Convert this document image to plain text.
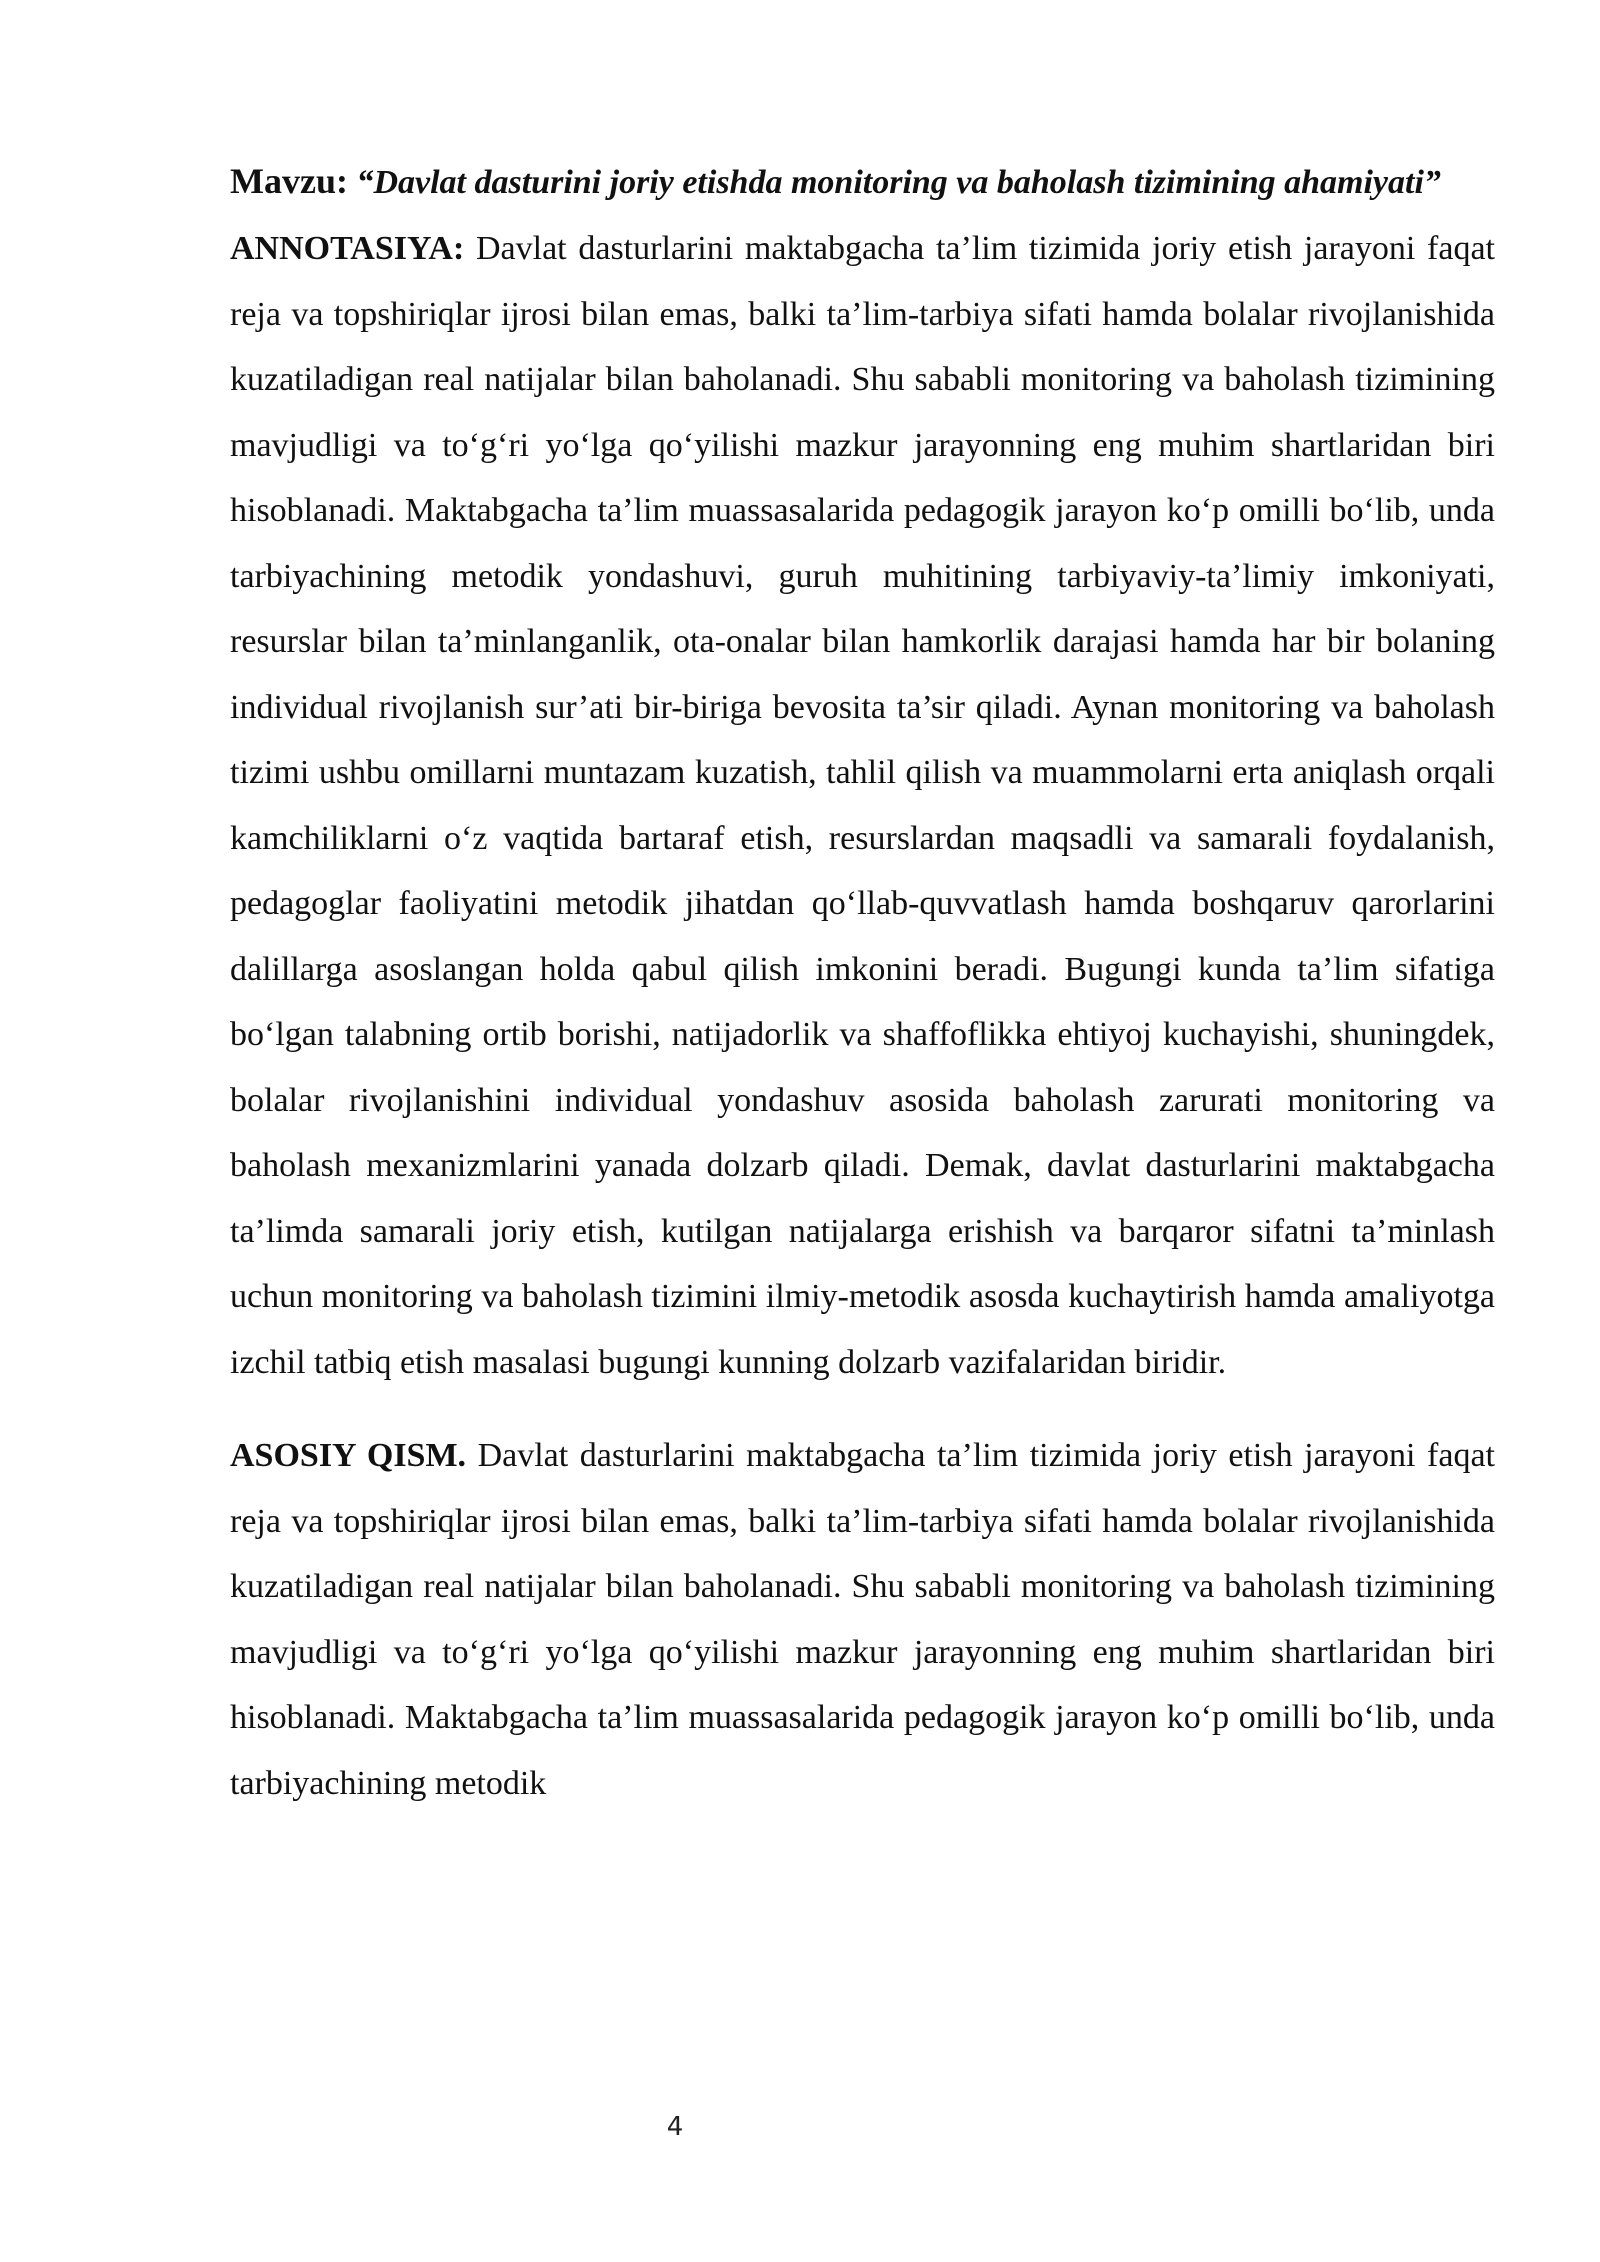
Mavzu: “Davlat dasturini joriy etishda monitoring va baholash tizimining ahamiyati”

ANNOTASIYA: Davlat dasturlarini maktabgacha ta’lim tizimida joriy etish jarayoni faqat reja va topshiriqlar ijrosi bilan emas, balki ta’lim-tarbiya sifati hamda bolalar rivojlanishida kuzatiladigan real natijalar bilan baholanadi. Shu sababli monitoring va baholash tizimining mavjudligi va to‘g‘ri yo‘lga qo‘yilishi mazkur jarayonning eng muhim shartlaridan biri hisoblanadi. Maktabgacha ta’lim muassasalarida pedagogik jarayon ko‘p omilli bo‘lib, unda tarbiyachining metodik yondashuvi, guruh muhitining tarbiyaviy-ta’limiy imkoniyati, resurslar bilan ta’minlanganlik, ota-onalar bilan hamkorlik darajasi hamda har bir bolaning individual rivojlanish sur’ati bir-biriga bevosita ta’sir qiladi. Aynan monitoring va baholash tizimi ushbu omillarni muntazam kuzatish, tahlil qilish va muammolarni erta aniqlash orqali kamchiliklarni o‘z vaqtida bartaraf etish, resurslardan maqsadli va samarali foydalanish, pedagoglar faoliyatini metodik jihatdan qo‘llab-quvvatlash hamda boshqaruv qarorlarini dalillarga asoslangan holda qabul qilish imkonini beradi. Bugungi kunda ta’lim sifatiga bo‘lgan talabning ortib borishi, natijadorlik va shaffoflikka ehtiyoj kuchayishi, shuningdek, bolalar rivojlanishini individual yondashuv asosida baholash zarurati monitoring va baholash mexanizmlarini yanada dolzarb qiladi. Demak, davlat dasturlarini maktabgacha ta’limda samarali joriy etish, kutilgan natijalarga erishish va barqaror sifatni ta’minlash uchun monitoring va baholash tizimini ilmiy-metodik asosda kuchaytirish hamda amaliyotga izchil tatbiq etish masalasi bugungi kunning dolzarb vazifalaridan biridir.

ASOSIY QISM. Davlat dasturlarini maktabgacha ta’lim tizimida joriy etish jarayoni faqat reja va topshiriqlar ijrosi bilan emas, balki ta’lim-tarbiya sifati hamda bolalar rivojlanishida kuzatiladigan real natijalar bilan baholanadi. Shu sababli monitoring va baholash tizimining mavjudligi va to‘g‘ri yo‘lga qo‘yilishi mazkur jarayonning eng muhim shartlaridan biri hisoblanadi. Maktabgacha ta’lim muassasalarida pedagogik jarayon ko‘p omilli bo‘lib, unda tarbiyachining metodik

4
